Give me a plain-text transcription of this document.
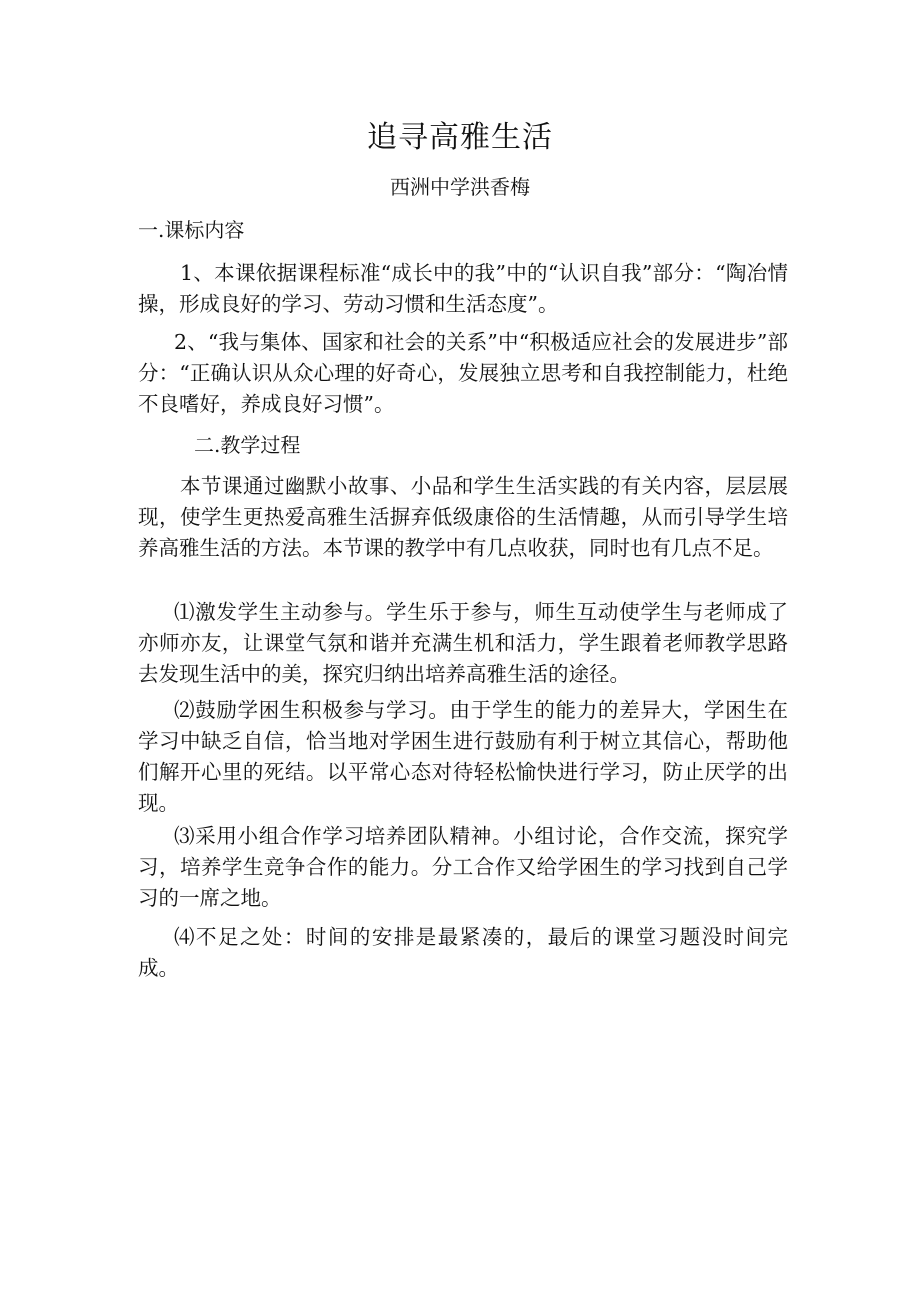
追寻高雅生活
西洲中学洪香梅
一.课标内容
1、本课依据课程标准“成长中的我”中的“认识自我”部分：“陶冶情操，形成良好的学习、劳动习惯和生活态度”。
2、“我与集体、国家和社会的关系”中“积极适应社会的发展进步”部分：“正确认识从众心理的好奇心，发展独立思考和自我控制能力，杜绝不良嗜好，养成良好习惯”。
二.教学过程
本节课通过幽默小故事、小品和学生生活实践的有关内容，层层展现，使学生更热爱高雅生活摒弃低级康俗的生活情趣，从而引导学生培养高雅生活的方法。本节课的教学中有几点收获，同时也有几点不足。
⑴激发学生主动参与。学生乐于参与，师生互动使学生与老师成了亦师亦友，让课堂气氛和谐并充满生机和活力，学生跟着老师教学思路去发现生活中的美，探究归纳出培养高雅生活的途径。
⑵鼓励学困生积极参与学习。由于学生的能力的差异大，学困生在学习中缺乏自信，恰当地对学困生进行鼓励有利于树立其信心，帮助他们解开心里的死结。以平常心态对待轻松愉快进行学习，防止厌学的出现。
⑶采用小组合作学习培养团队精神。小组讨论，合作交流，探究学习，培养学生竞争合作的能力。分工合作又给学困生的学习找到自己学习的一席之地。
⑷不足之处：时间的安排是最紧凑的，最后的课堂习题没时间完成。
